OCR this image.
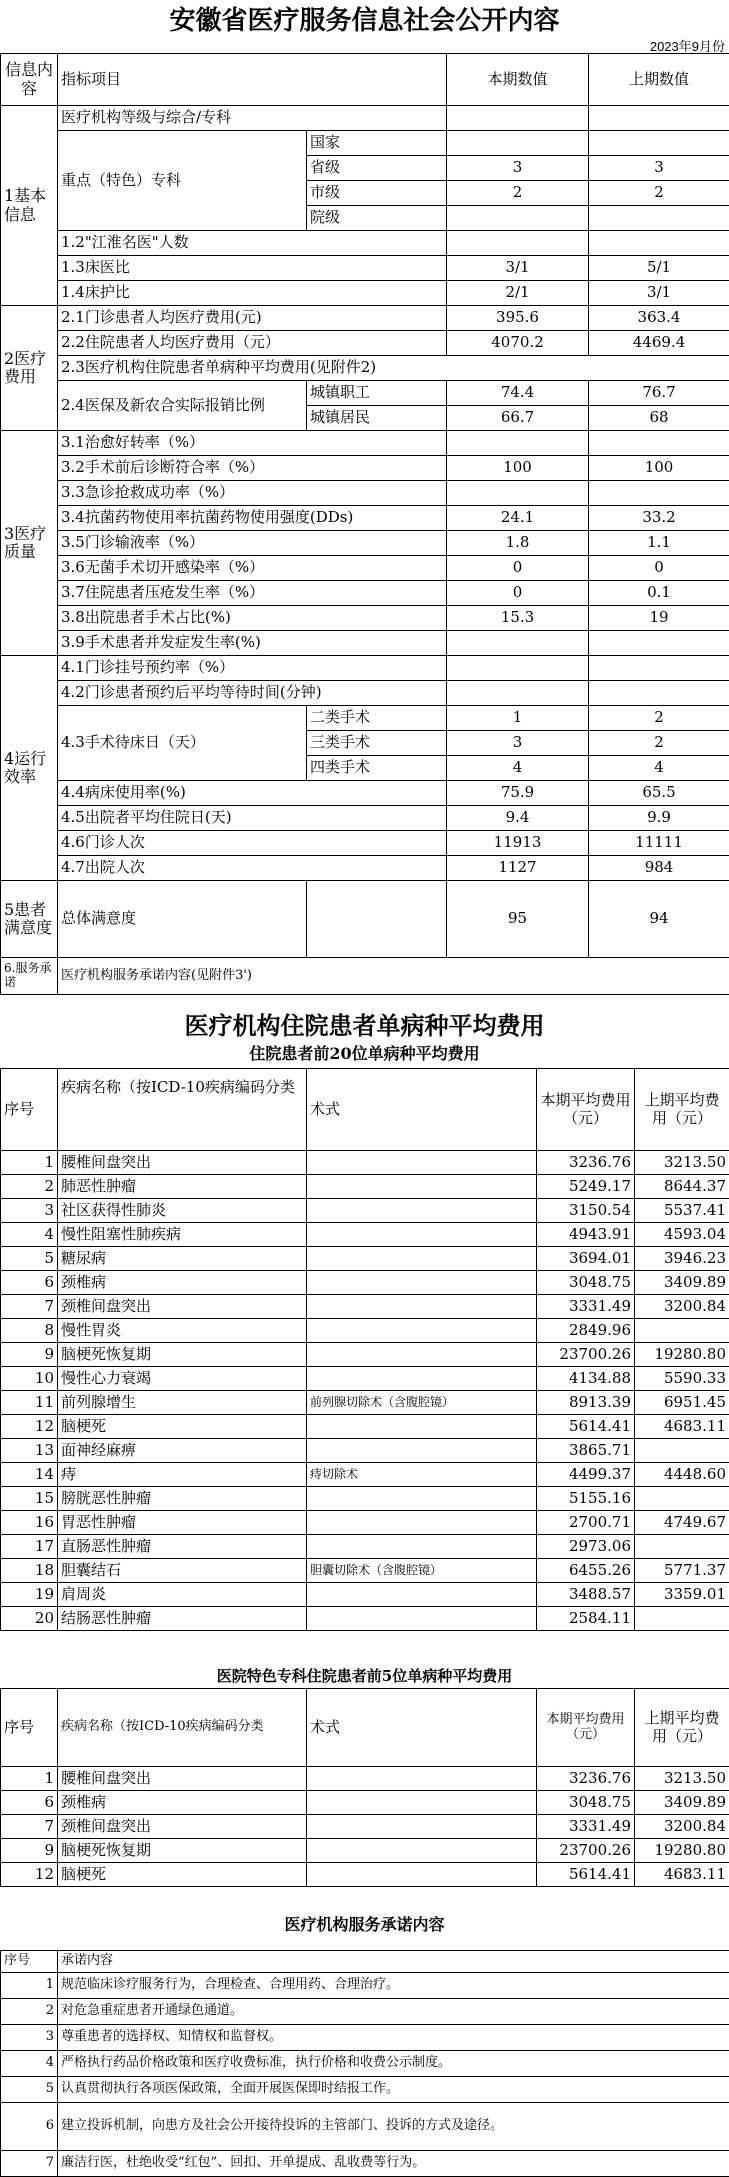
安徽省医疗服务信息社会公开内容
2023年9月份
信息内容	指标项目		本期数值	上期数值
1基本信息	医疗机构等级与综合/专科			
	重点（特色）专科	国家		
		省级	3	3
		市级	2	2
		院级		
	1.2"江淮名医"人数			
	1.3床医比		3/1	5/1
	1.4床护比		2/1	3/1
2医疗费用	2.1门诊患者人均医疗费用(元)		395.6	363.4
	2.2住院患者人均医疗费用（元）		4070.2	4469.4
	2.3医疗机构住院患者单病种平均费用(见附件2)			
	2.4医保及新农合实际报销比例	城镇职工	74.4	76.7
		城镇居民	66.7	68
3医疗质量	3.1治愈好转率（%）			
	3.2手术前后诊断符合率（%）		100	100
	3.3急诊抢救成功率（%）			
	3.4抗菌药物使用率抗菌药物使用强度(DDs)		24.1	33.2
	3.5门诊输液率（%）		1.8	1.1
	3.6无菌手术切开感染率（%）		0	0
	3.7住院患者压疮发生率（%）		0	0.1
	3.8出院患者手术占比(%)		15.3	19
	3.9手术患者并发症发生率(%)			
4运行效率	4.1门诊挂号预约率（%）			
	4.2门诊患者预约后平均等待时间(分钟)			
	4.3手术待床日（天）	二类手术	1	2
		三类手术	3	2
		四类手术	4	4
	4.4病床使用率(%)		75.9	65.5
	4.5出院者平均住院日(天)		9.4	9.9
	4.6门诊人次		11913	11111
	4.7出院人次		1127	984
5患者满意度	总体满意度		95	94
6.服务承诺	医疗机构服务承诺内容(见附件3')			
医疗机构住院患者单病种平均费用
住院患者前20位单病种平均费用
序号	疾病名称（按ICD-10疾病编码分类	术式	本期平均费用（元）	上期平均费用（元）
1	腰椎间盘突出		3236.76	3213.50
2	肺恶性肿瘤		5249.17	8644.37
3	社区获得性肺炎		3150.54	5537.41
4	慢性阻塞性肺疾病		4943.91	4593.04
5	糖尿病		3694.01	3946.23
6	颈椎病		3048.75	3409.89
7	颈椎间盘突出		3331.49	3200.84
8	慢性胃炎		2849.96	
9	脑梗死恢复期		23700.26	19280.80
10	慢性心力衰竭		4134.88	5590.33
11	前列腺增生	前列腺切除术（含腹腔镜）	8913.39	6951.45
12	脑梗死		5614.41	4683.11
13	面神经麻痹		3865.71	
14	痔	痔切除术	4499.37	4448.60
15	膀胱恶性肿瘤		5155.16	
16	胃恶性肿瘤		2700.71	4749.67
17	直肠恶性肿瘤		2973.06	
18	胆囊结石	胆囊切除术（含腹腔镜）	6455.26	5771.37
19	肩周炎		3488.57	3359.01
20	结肠恶性肿瘤		2584.11	
医院特色专科住院患者前5位单病种平均费用
序号	疾病名称（按ICD-10疾病编码分类	术式	本期平均费用（元）	上期平均费用（元）
1	腰椎间盘突出		3236.76	3213.50
6	颈椎病		3048.75	3409.89
7	颈椎间盘突出		3331.49	3200.84
9	脑梗死恢复期		23700.26	19280.80
12	脑梗死		5614.41	4683.11
医疗机构服务承诺内容
序号	承诺内容
1	规范临床诊疗服务行为，合理检查、合理用药、合理治疗。
2	对危急重症患者开通绿色通道。
3	尊重患者的选择权、知情权和监督权。
4	严格执行药品价格政策和医疗收费标准，执行价格和收费公示制度。
5	认真贯彻执行各项医保政策，全面开展医保即时结报工作。
6	建立投诉机制，向患方及社会公开接待投诉的主管部门、投诉的方式及途径。
7	廉洁行医，杜绝收受“红包”、回扣、开单提成、乱收费等行为。
